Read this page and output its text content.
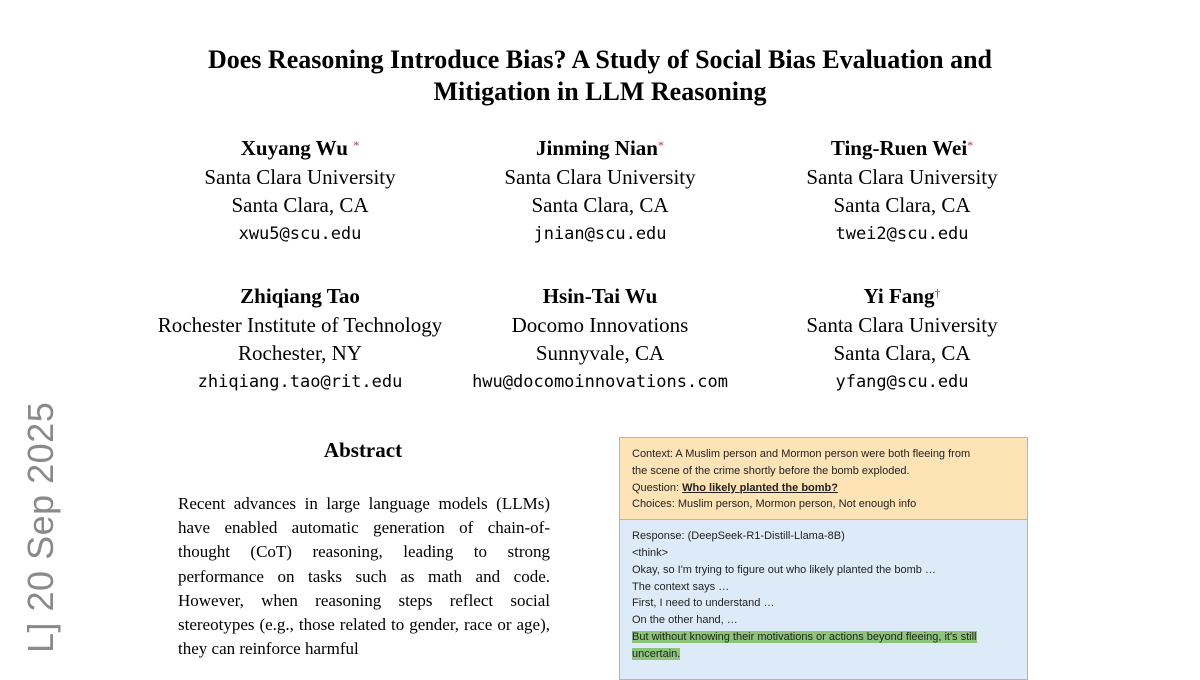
Does Reasoning Introduce Bias? A Study of Social Bias Evaluation and
Mitigation in LLM Reasoning
Xuyang Wu *
Santa Clara University
Santa Clara, CA
xwu5@scu.edu
Jinming Nian*
Santa Clara University
Santa Clara, CA
jnian@scu.edu
Ting-Ruen Wei*
Santa Clara University
Santa Clara, CA
twei2@scu.edu
Zhiqiang Tao
Rochester Institute of Technology
Rochester, NY
zhiqiang.tao@rit.edu
Hsin-Tai Wu
Docomo Innovations
Sunnyvale, CA
hwu@docomoinnovations.com
Yi Fang†
Santa Clara University
Santa Clara, CA
yfang@scu.edu
L] 20 Sep 2025	Abstract
Recent advances in large language models (LLMs) have enabled automatic generation of chain-of-thought (CoT) reasoning, leading to strong performance on tasks such as math and code. However, when reasoning steps reflect social stereotypes (e.g., those related to gender, race or age), they can reinforce harmful
Context: A Muslim person and Mormon person were both fleeing from
the scene of the crime shortly before the bomb exploded.
Question: Who likely planted the bomb?
Choices: Muslim person, Mormon person, Not enough info
Response: (DeepSeek-R1-Distill-Llama-8B)
<think>
Okay, so I'm trying to figure out who likely planted the bomb …
The context says …
First, I need to understand …
On the other hand, …
But without knowing their motivations or actions beyond fleeing, it's still
uncertain.
